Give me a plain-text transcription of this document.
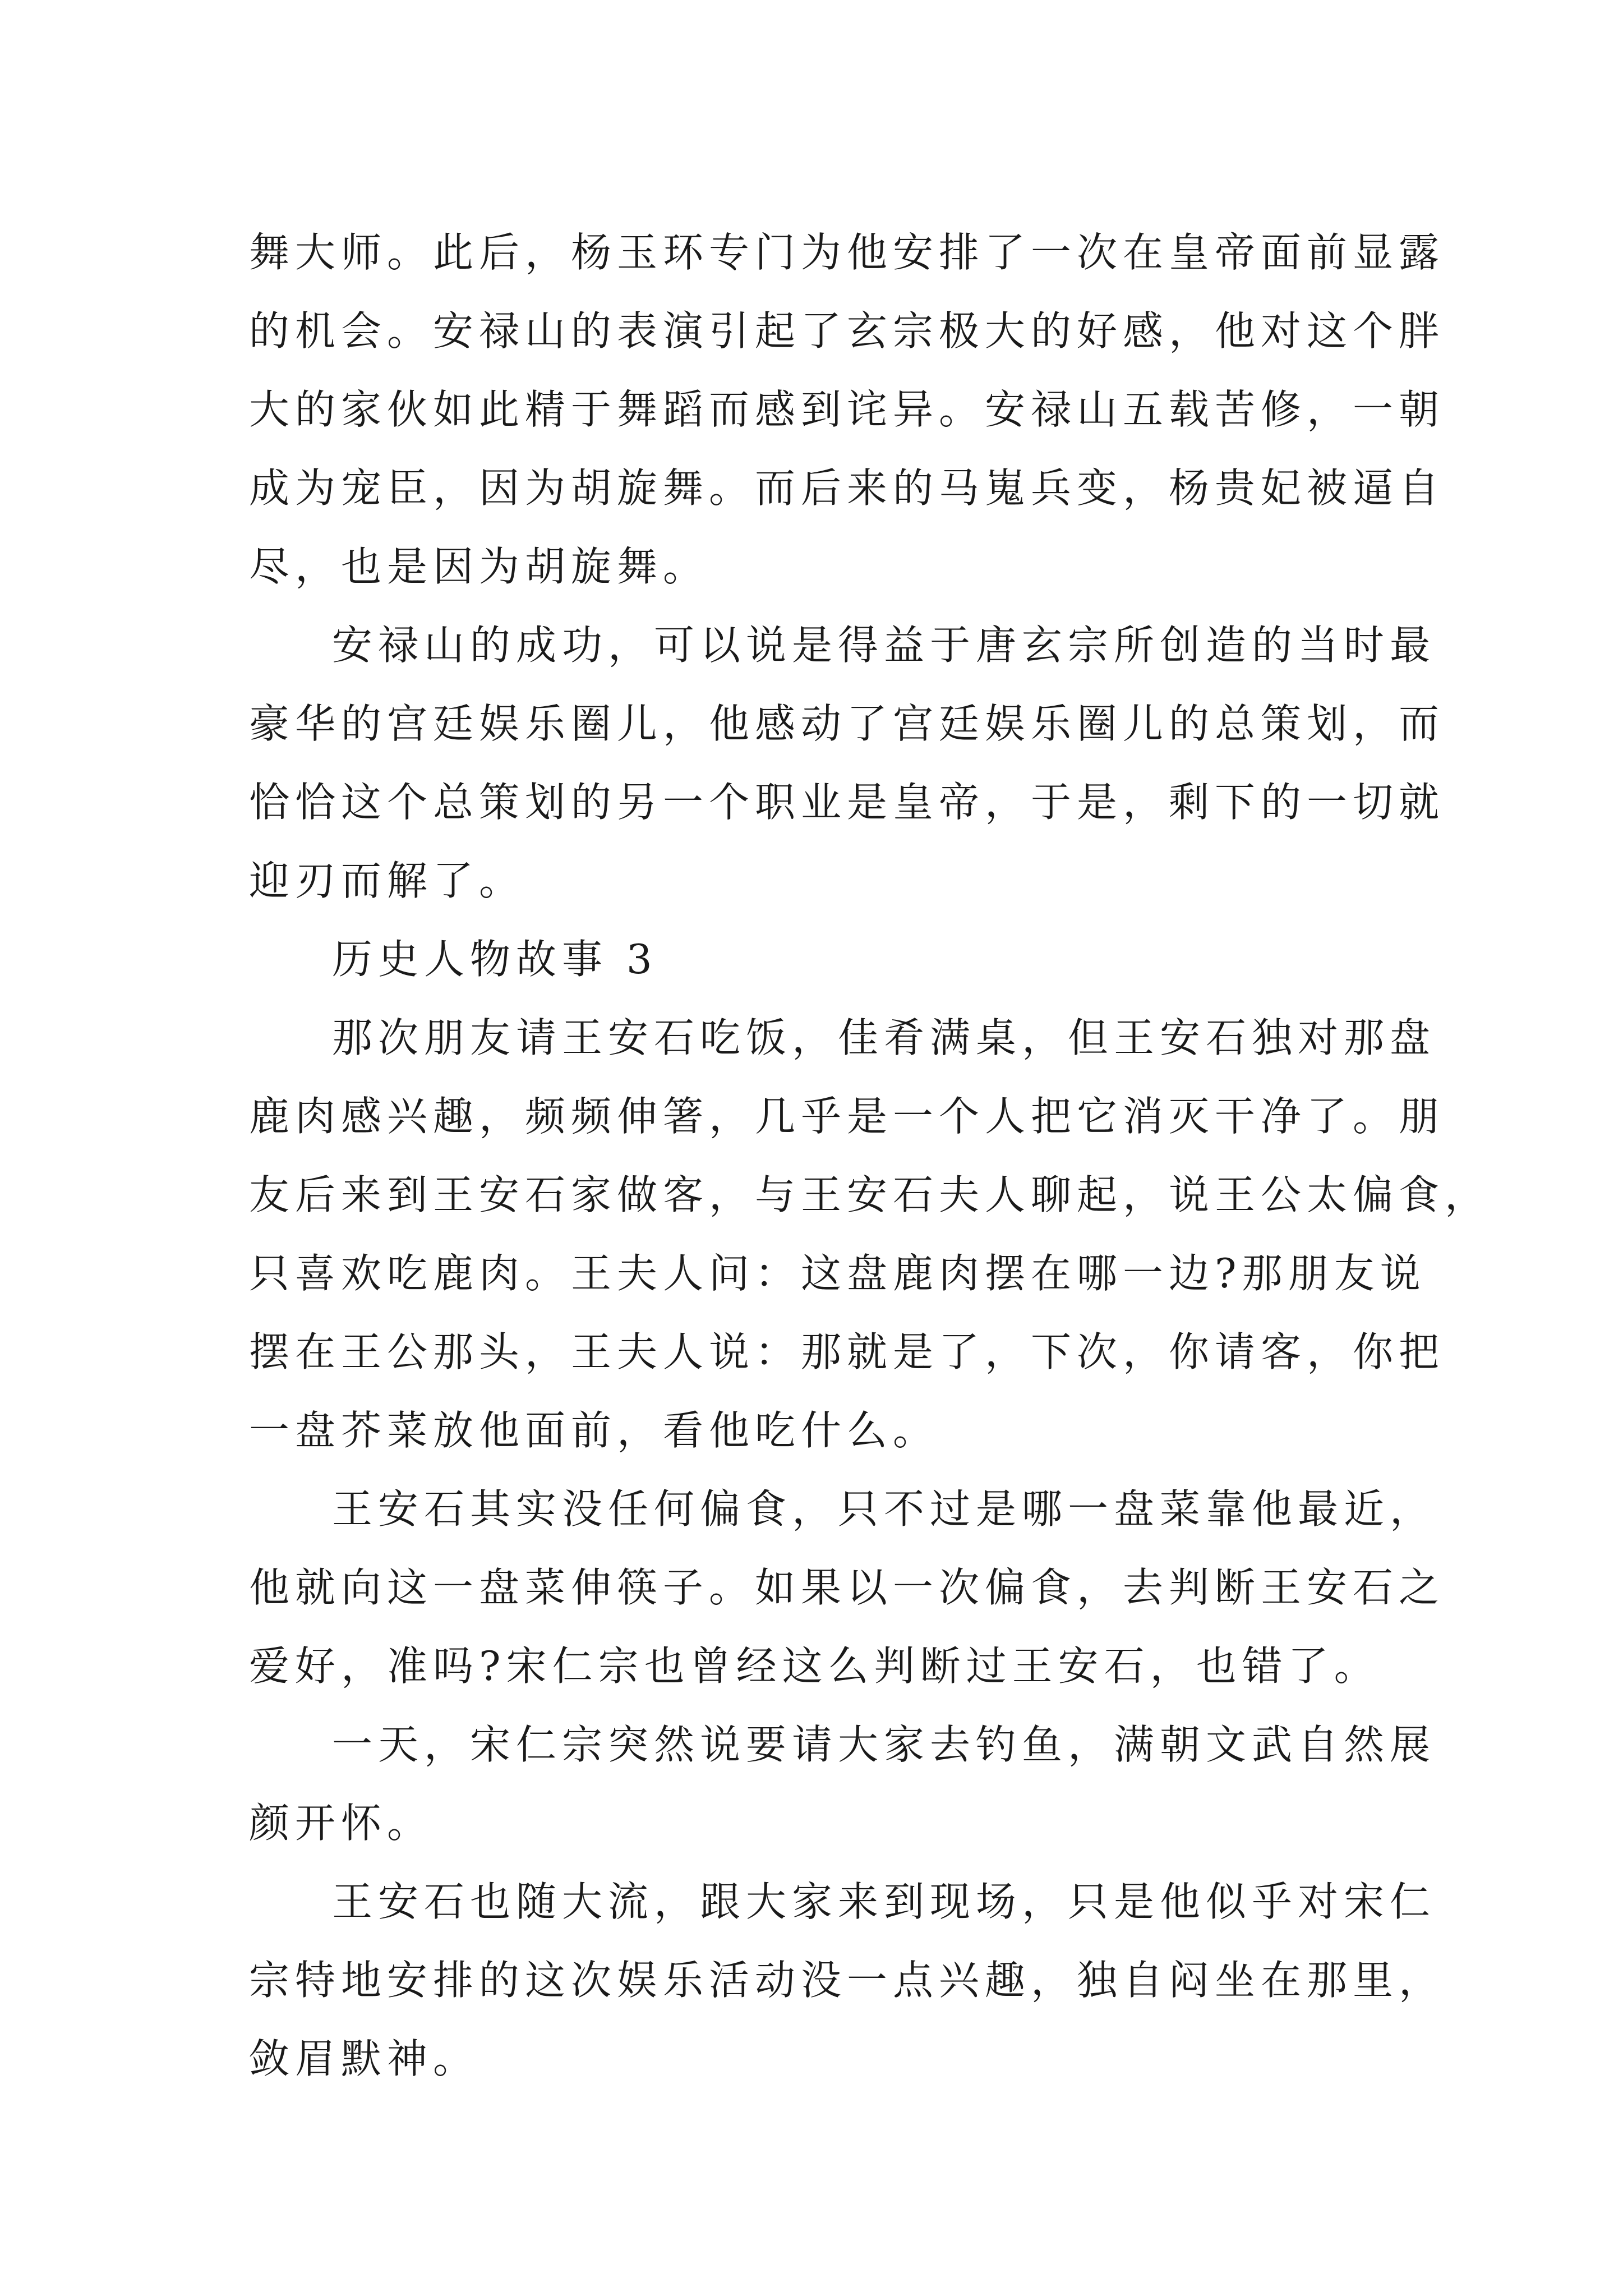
舞大师。此后，杨玉环专门为他安排了一次在皇帝面前显露
的机会。安禄山的表演引起了玄宗极大的好感，他对这个胖
大的家伙如此精于舞蹈而感到诧异。安禄山五载苦修，一朝
成为宠臣，因为胡旋舞。而后来的马嵬兵变，杨贵妃被逼自
尽，也是因为胡旋舞。
安禄山的成功，可以说是得益于唐玄宗所创造的当时最
豪华的宫廷娱乐圈儿，他感动了宫廷娱乐圈儿的总策划，而
恰恰这个总策划的另一个职业是皇帝，于是，剩下的一切就
迎刃而解了。
历史人物故事 3
那次朋友请王安石吃饭，佳肴满桌，但王安石独对那盘
鹿肉感兴趣，频频伸箸，几乎是一个人把它消灭干净了。朋
友后来到王安石家做客，与王安石夫人聊起，说王公太偏食，
只喜欢吃鹿肉。王夫人问：这盘鹿肉摆在哪一边?那朋友说
摆在王公那头，王夫人说：那就是了，下次，你请客，你把
一盘芥菜放他面前，看他吃什么。
王安石其实没任何偏食，只不过是哪一盘菜靠他最近，
他就向这一盘菜伸筷子。如果以一次偏食，去判断王安石之
爱好，准吗?宋仁宗也曾经这么判断过王安石，也错了。
一天，宋仁宗突然说要请大家去钓鱼，满朝文武自然展
颜开怀。
王安石也随大流，跟大家来到现场，只是他似乎对宋仁
宗特地安排的这次娱乐活动没一点兴趣，独自闷坐在那里，
敛眉默神。
